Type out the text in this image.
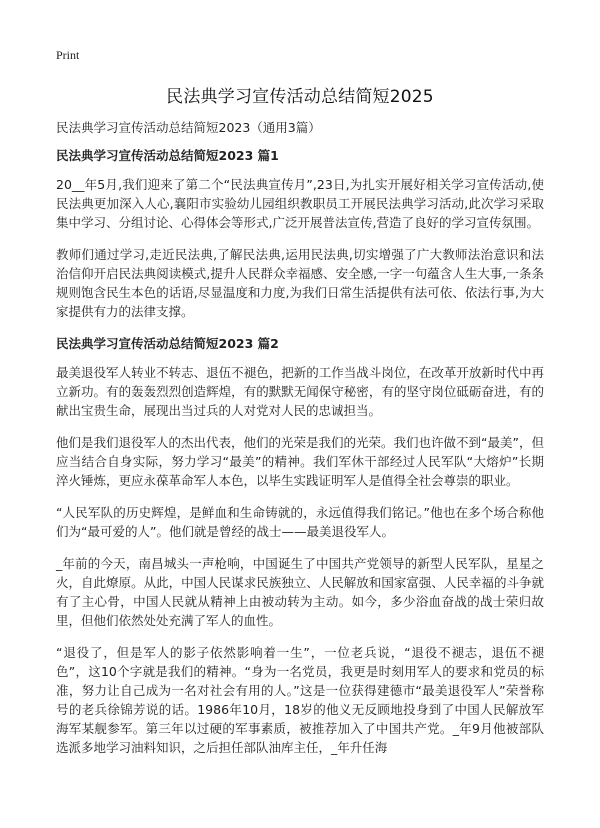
Print
民法典学习宣传活动总结简短2025

民法典学习宣传活动总结简短2023（通用3篇）

民法典学习宣传活动总结简短2023 篇1

20__年5月,我们迎来了第二个“民法典宣传月”,23日,为扎实开展好相关学习宣传活动,使民法典更加深入人心,襄阳市实验幼儿园组织教职员工开展民法典学习活动,此次学习采取集中学习、分组讨论、心得体会等形式,广泛开展普法宣传,营造了良好的学习宣传氛围。

教师们通过学习,走近民法典,了解民法典,运用民法典,切实增强了广大教师法治意识和法治信仰开启民法典阅读模式,提升人民群众幸福感、安全感,一字一句蕴含人生大事,一条条规则饱含民生本色的话语,尽显温度和力度,为我们日常生活提供有法可依、依法行事,为大家提供有力的法律支撑。

民法典学习宣传活动总结简短2023 篇2

最美退役军人转业不转志、退伍不褪色，把新的工作当战斗岗位，在改革开放新时代中再立新功。有的轰轰烈烈创造辉煌，有的默默无闻保守秘密，有的坚守岗位砥砺奋进，有的献出宝贵生命，展现出当过兵的人对党对人民的忠诚担当。

他们是我们退役军人的杰出代表，他们的光荣是我们的光荣。我们也许做不到“最美”，但应当结合自身实际，努力学习“最美”的精神。我们军休干部经过人民军队“大熔炉”长期淬火锤炼，更应永葆革命军人本色，以毕生实践证明军人是值得全社会尊崇的职业。

“人民军队的历史辉煌，是鲜血和生命铸就的，永远值得我们铭记。”他也在多个场合称他们为“最可爱的人”。他们就是曾经的战士——最美退役军人。

_年前的今天，南昌城头一声枪响，中国诞生了中国共产党领导的新型人民军队，星星之火，自此燎原。从此，中国人民谋求民族独立、人民解放和国家富强、人民幸福的斗争就有了主心骨，中国人民就从精神上由被动转为主动。如今，多少浴血奋战的战士荣归故里，但他们依然处处充满了军人的血性。

“退役了，但是军人的影子依然影响着一生”，一位老兵说，“退役不褪志，退伍不褪色”，这10个字就是我们的精神。“身为一名党员，我更是时刻用军人的要求和党员的标准，努力让自己成为一名对社会有用的人。”这是一位获得建德市“最美退役军人”荣誉称号的老兵徐锦芳说的话。1986年10月，18岁的他义无反顾地投身到了中国人民解放军海军某舰参军。第三年以过硬的军事素质，被推荐加入了中国共产党。_年9月他被部队选派多地学习油料知识，之后担任部队油库主任，_年升任海
